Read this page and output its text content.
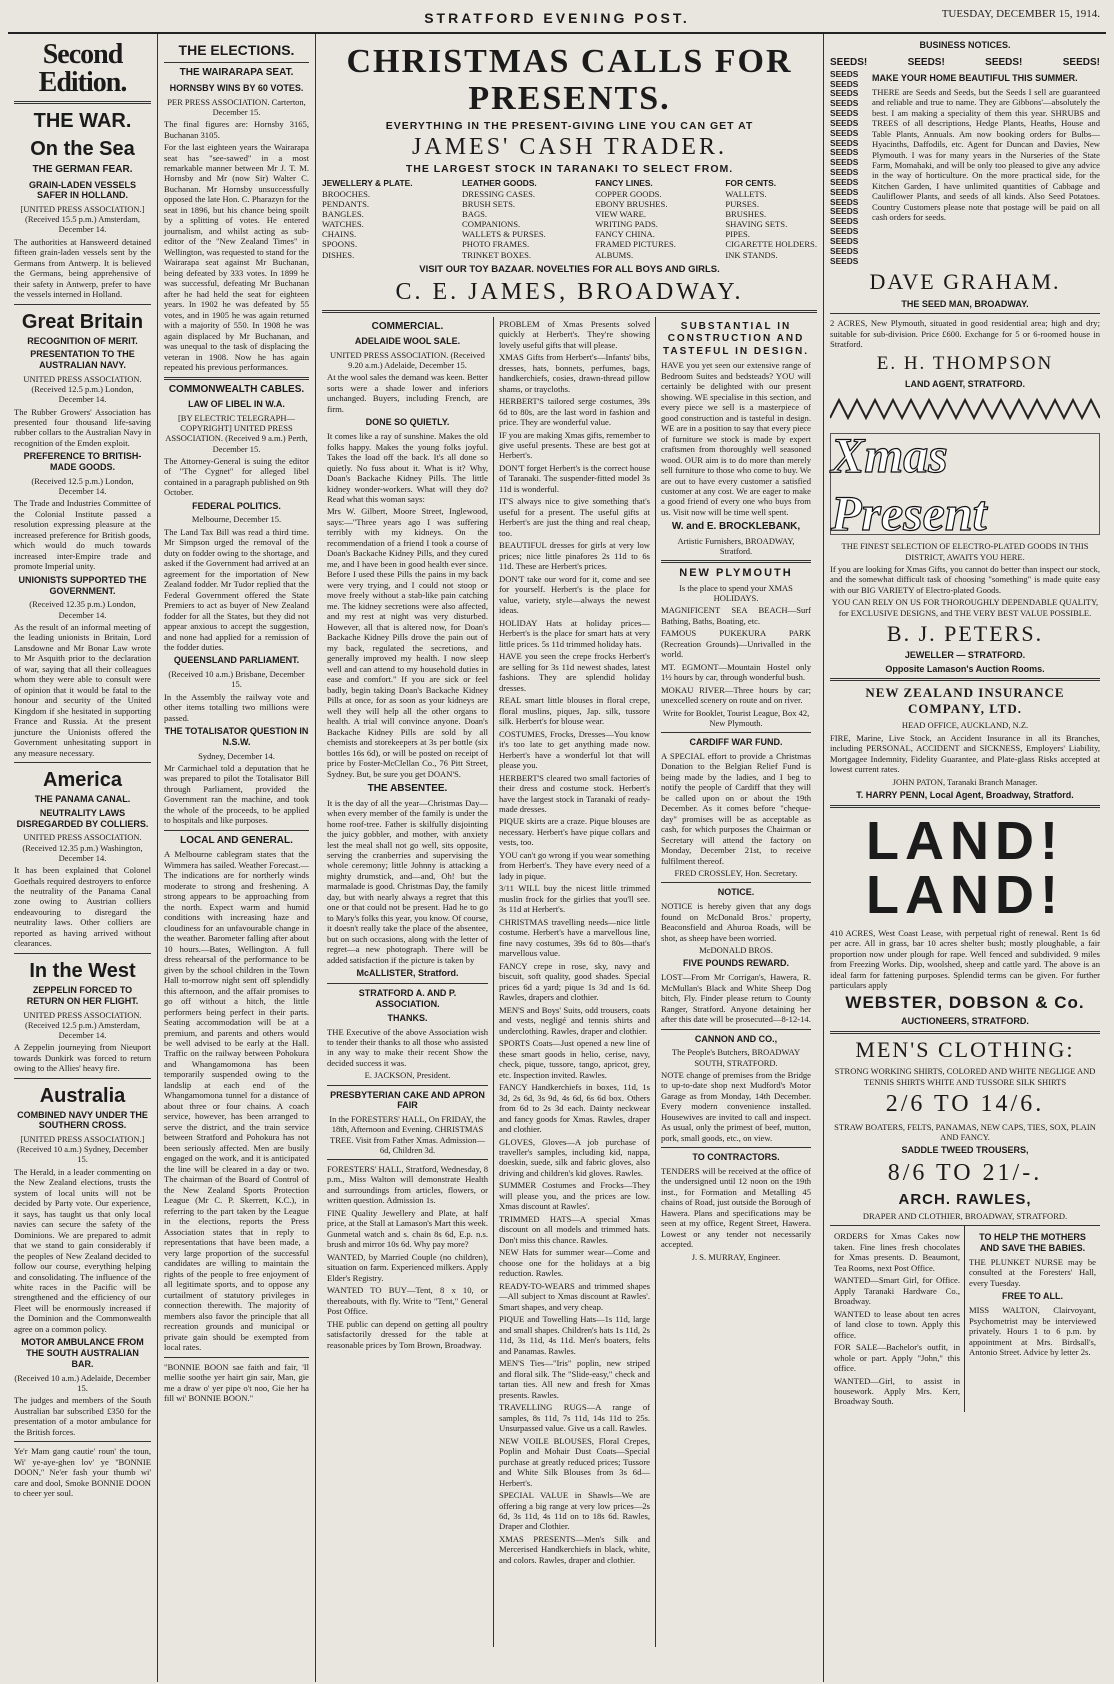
STRATFORD EVENING POST.	TUESDAY, DECEMBER 15, 1914.
Second Edition.
THE WAR.
On the Sea
THE GERMAN FEAR.
GRAIN-LADEN VESSELS SAFER IN HOLLAND.
[UNITED PRESS ASSOCIATION.] (Received 15.5 p.m.) Amsterdam, December 14.
The authorities at Hansweerd detained fifteen grain-laden vessels sent by the Germans from Antwerp. It is believed the Germans, being apprehensive of their safety in Antwerp, prefer to have the vessels interned in Holland.
Great Britain
RECOGNITION OF MERIT.
PRESENTATION TO THE AUSTRALIAN NAVY.
UNITED PRESS ASSOCIATION. (Received 12.5 p.m.) London, December 14.
The Rubber Growers' Association has presented four thousand life-saving rubber collars to the Australian Navy in recognition of the Emden exploit.
PREFERENCE TO BRITISH-MADE GOODS.
(Received 12.5 p.m.) London, December 14.
The Trade and Industries Committee of the Colonial Institute passed a resolution expressing pleasure at the increased preference for British goods, which would do much towards increased inter-Empire trade and promote Imperial unity.
UNIONISTS SUPPORTED THE GOVERNMENT.
(Received 12.35 p.m.) London, December 14.
As the result of an informal meeting of the leading unionists in Britain, Lord Lansdowne and Mr Bonar Law wrote to Mr Asquith prior to the declaration of war, saying that all their colleagues whom they were able to consult were of opinion that it would be fatal to the honour and security of the United Kingdom if she hesitated in supporting France and Russia. At the present juncture the Unionists offered the Government unhesitating support in any measure necessary.
America
THE PANAMA CANAL.
NEUTRALITY LAWS DISREGARDED BY COLLIERS.
UNITED PRESS ASSOCIATION. (Received 12.35 p.m.) Washington, December 14.
It has been explained that Colonel Goethals required destroyers to enforce the neutrality of the Panama Canal zone owing to Austrian colliers endeavouring to disregard the neutrality laws. Other colliers are reported as having arrived without clearances.
In the West
ZEPPELIN FORCED TO RETURN ON HER FLIGHT.
UNITED PRESS ASSOCIATION. (Received 12.5 p.m.) Amsterdam, December 14.
A Zeppelin journeying from Nieuport towards Dunkirk was forced to return owing to the Allies' heavy fire.
Australia
COMBINED NAVY UNDER THE SOUTHERN CROSS.
[UNITED PRESS ASSOCIATION.] (Received 10 a.m.) Sydney, December 15.
The Herald, in a leader commenting on the New Zealand elections, trusts the system of local units will not be decided by Party vote. Our experience, it says, has taught us that only local navies can secure the safety of the Dominions. We are prepared to admit that we stand to gain considerably if the peoples of New Zealand decided to follow our course, everything helping and consolidating. The influence of the white races in the Pacific will be strengthened and the efficiency of our Fleet will be enormously increased if the Dominion and the Commonwealth agree on a common policy.
MOTOR AMBULANCE FROM THE SOUTH AUSTRALIAN BAR.
(Received 10 a.m.) Adelaide, December 15.
The judges and members of the South Australian bar subscribed £350 for the presentation of a motor ambulance for the British forces.
Ye'r Mam gang cautie' roun' the toun, Wi' ye-aye-ghen lov' ye ''BONNIE DOON,'' Ne'er fash your thumb wi' care and dool, Smoke BONNIE DOON to cheer yer soul.
THE ELECTIONS.
THE WAIRARAPA SEAT.
HORNSBY WINS BY 60 VOTES.
PER PRESS ASSOCIATION. Carterton, December 15.
The final figures are: Hornsby 3165, Buchanan 3105.
For the last eighteen years the Wairarapa seat has "see-sawed" in a most remarkable manner between Mr J. T. M. Hornsby and Mr (now Sir) Walter C. Buchanan. Mr Hornsby unsuccessfully opposed the late Hon. C. Pharazyn for the seat in 1896, but his chance being spoilt by a splitting of votes. He entered journalism, and whilst acting as sub-editor of the "New Zealand Times" in Wellington, was requested to stand for the Wairarapa seat against Mr Buchanan, being defeated by 333 votes. In 1899 he was successful, defeating Mr Buchanan after he had held the seat for eighteen years. In 1902 he was defeated by 55 votes, and in 1905 he was again returned with a majority of 550. In 1908 he was again displaced by Mr Buchanan, and was unequal to the task of displacing the veteran in 1908. Now he has again repeated his previous performances.
COMMONWEALTH CABLES.
LAW OF LIBEL IN W.A.
[BY ELECTRIC TELEGRAPH—COPYRIGHT] UNITED PRESS ASSOCIATION. (Received 9 a.m.) Perth, December 15.
The Attorney-General is suing the editor of "The Cygnet" for alleged libel contained in a paragraph published on 9th October.
FEDERAL POLITICS.
Melbourne, December 15.
The Land Tax Bill was read a third time. Mr Simpson urged the removal of the duty on fodder owing to the shortage, and asked if the Government had arrived at an agreement for the importation of New Zealand fodder. Mr Tudor replied that the Federal Government offered the State Premiers to act as buyer of New Zealand fodder for all the States, but they did not appear anxious to accept the suggestion, and none had applied for a remission of the fodder duties.
QUEENSLAND PARLIAMENT.
(Received 10 a.m.) Brisbane, December 15.
In the Assembly the railway vote and other items totalling two millions were passed.
THE TOTALISATOR QUESTION IN N.S.W.
Sydney, December 14.
Mr Carmichael told a deputation that he was prepared to pilot the Totalisator Bill through Parliament, provided the Government ran the machine, and took the whole of the proceeds, to be applied to hospitals and like purposes.
LOCAL AND GENERAL.
A Melbourne cablegram states that the Wimmera has sailed. Weather Forecast.—The indications are for northerly winds moderate to strong and freshening. A strong appears to be approaching from the north. Expect warm and humid conditions with increasing haze and cloudiness for an unfavourable change in the weather. Barometer falling after about 10 hours.—Bates, Wellington. A full dress rehearsal of the performance to be given by the school children in the Town Hall to-morrow night sent off splendidly this afternoon, and the affair promises to go off without a hitch, the little performers being perfect in their parts. Seating accommodation will be at a premium, and parents and others would be well advised to be early at the Hall. Traffic on the railway between Pohokura and Whangamomona has been temporarily suspended owing to the landslip at each end of the Whangamomona tunnel for a distance of about three or four chains. A coach service, however, has been arranged to serve the district, and the train service between Stratford and Pohokura has not been seriously affected. Men are busily engaged on the work, and it is anticipated the line will be cleared in a day or two. The chairman of the Board of Control of the New Zealand Sports Protection League (Mr C. P. Skerrett, K.C.), in referring to the part taken by the League in the elections, reports the Press Association states that in reply to representations that have been made, a very large proportion of the successful candidates are willing to maintain the rights of the people to free enjoyment of all legitimate sports, and to oppose any curtailment of statutory privileges in connection therewith. The majority of members also favor the principle that all recreation grounds and municipal or private gain should be exempted from local rates.
"BONNIE BOON sae faith and fair, 'Il mellie soothe yer hairt gin sair, Man, gie me a draw o' yer pipe o't noo, Gie her ha fill wi' BONNIE BOON."
CHRISTMAS CALLS FOR PRESENTS.
EVERYTHING IN THE PRESENT-GIVING LINE YOU CAN GET AT
JAMES' CASH TRADER.
THE LARGEST STOCK IN TARANAKI TO SELECT FROM.
JEWELLERY & PLATE.
BROOCHES.
PENDANTS.
BANGLES.
WATCHES.
CHAINS.
SPOONS.
DISHES.
LEATHER GOODS.
DRESSING CASES.
BRUSH SETS.
BAGS.
COMPANIONS.
WALLETS & PURSES.
PHOTO FRAMES.
TRINKET BOXES.
FANCY LINES.
COPPER GOODS.
EBONY BRUSHES.
VIEW WARE.
WRITING PADS.
FANCY CHINA.
FRAMED PICTURES.
ALBUMS.
FOR CENTS.
WALLETS.
PURSES.
BRUSHES.
SHAVING SETS.
PIPES.
CIGARETTE HOLDERS.
INK STANDS.
VISIT OUR TOY BAZAAR. NOVELTIES FOR ALL BOYS AND GIRLS.
C. E. JAMES, BROADWAY.
COMMERCIAL.
ADELAIDE WOOL SALE.
UNITED PRESS ASSOCIATION. (Received 9.20 a.m.) Adelaide, December 15.
At the wool sales the demand was keen. Better sorts were a shade lower and inferiors unchanged. Buyers, including French, are firm.
DONE SO QUIETLY.
It comes like a ray of sunshine. Makes the old folks happy. Makes the young folks joyful. Takes the load off the back. It's all done so quietly. No fuss about it. What is it? Why, Doan's Backache Kidney Pills. The little kidney wonder-workers. What will they do? Read what this woman says:
Mrs W. Gilbert, Moore Street, Inglewood, says:—"Three years ago I was suffering terribly with my kidneys. On the recommendation of a friend I took a course of Doan's Backache Kidney Pills, and they cured me, and I have been in good health ever since. Before I used these Pills the pains in my back were very trying, and I could not stoop or move freely without a stab-like pain catching me. The kidney secretions were also affected, and my rest at night was very disturbed. However, all that is altered now, for Doan's Backache Kidney Pills drove the pain out of my back, regulated the secretions, and generally improved my health. I now sleep well and can attend to my household duties in ease and comfort." If you are sick or feel badly, begin taking Doan's Backache Kidney Pills at once, for as soon as your kidneys are well they will help all the other organs to health. A trial will convince anyone. Doan's Backache Kidney Pills are sold by all chemists and storekeepers at 3s per bottle (six bottles 16s 6d), or will be posted on receipt of price by Foster-McClellan Co., 76 Pitt Street, Sydney. But, be sure you get DOAN'S.
THE ABSENTEE.
It is the day of all the year—Christmas Day—when every member of the family is under the home roof-tree. Father is skilfully disjointing the juicy gobbler, and mother, with anxiety lest the meal shall not go well, sits opposite, serving the cranberries and supervising the whole ceremony; little Johnny is attacking a mighty drumstick, and—and, Oh! but the marmalade is good. Christmas Day, the family day, but with nearly always a regret that this one or that could not be present. Had he to go to Mary's folks this year, you know. Of course, it doesn't really take the place of the absentee, but on such occasions, along with the letter of regret—a new photograph. There will be added satisfaction if the picture is taken by
McALLISTER, Stratford.
STRATFORD A. AND P. ASSOCIATION.
THANKS.
THE Executive of the above Association wish to tender their thanks to all those who assisted in any way to make their recent Show the decided success it was.
E. JACKSON, President.
PRESBYTERIAN CAKE AND APRON FAIR
In the FORESTERS' HALL, On FRIDAY, the 18th, Afternoon and Evening. CHRISTMAS TREE. Visit from Father Xmas. Admission—6d, Children 3d.
FORESTERS' HALL, Stratford, Wednesday, 8 p.m., Miss Walton will demonstrate Health and surroundings from articles, flowers, or written question. Admission 1s.
FINE Quality Jewellery and Plate, at half price, at the Stall at Lamason's Mart this week. Gunmetal watch and s. chain 8s 6d, E.p. n.s. brush and mirror 10s 6d. Why pay more?
WANTED, by Married Couple (no children), situation on farm. Experienced milkers. Apply Elder's Registry.
WANTED TO BUY—Tent, 8 x 10, or thereabouts, with fly. Write to "Tent," General Post Office.
THE public can depend on getting all poultry satisfactorily dressed for the table at reasonable prices by Tom Brown, Broadway.
PROBLEM of Xmas Presents solved quickly at Herbert's. They're showing lovely useful gifts that will please.
XMAS Gifts from Herbert's—Infants' bibs, dresses, hats, bonnets, perfumes, bags, handkerchiefs, cosies, drawn-thread pillow shams, or traycloths.
HERBERT'S tailored serge costumes, 39s 6d to 80s, are the last word in fashion and price. They are wonderful value.
IF you are making Xmas gifts, remember to give useful presents. These are best got at Herbert's.
DON'T forget Herbert's is the correct house of Taranaki. The suspender-fitted model 3s 11d is wonderful.
IT'S always nice to give something that's useful for a present. The useful gifts at Herbert's are just the thing and real cheap, too.
BEAUTIFUL dresses for girls at very low prices; nice little pinafores 2s 11d to 6s 11d. These are Herbert's prices.
DON'T take our word for it, come and see for yourself. Herbert's is the place for value, variety, style—always the newest ideas.
HOLIDAY Hats at holiday prices—Herbert's is the place for smart hats at very little prices. 5s 11d trimmed holiday hats.
HAVE you seen the crepe frocks Herbert's are selling for 3s 11d newest shades, latest fashions. They are splendid holiday dresses.
REAL smart little blouses in floral crepe, floral muslins, piques, Jap. silk, tussore silk. Herbert's for blouse wear.
COSTUMES, Frocks, Dresses—You know it's too late to get anything made now. Herbert's have a wonderful lot that will please you.
HERBERT'S cleared two small factories of their dress and costume stock. Herbert's have the largest stock in Taranaki of ready-made dresses.
PIQUE skirts are a craze. Pique blouses are necessary. Herbert's have pique collars and vests, too.
YOU can't go wrong if you wear something from Herbert's. They have every need of a lady in pique.
3/11 WILL buy the nicest little trimmed muslin frock for the girlies that you'll see. 3s 11d at Herbert's.
CHRISTMAS travelling needs—nice little costume. Herbert's have a marvellous line, fine navy costumes, 39s 6d to 80s—that's marvellous value.
FANCY crepe in rose, sky, navy and biscuit, soft quality, good shades. Special prices 6d a yard; pique 1s 3d and 1s 6d. Rawles, drapers and clothier.
MEN'S and Boys' Suits, odd trousers, coats and vests, negligé and tennis shirts and underclothing. Rawles, draper and clothier.
SPORTS Coats—Just opened a new line of these smart goods in helio, cerise, navy, check, pique, tussore, tango, apricot, grey, etc. Inspection invited. Rawles.
FANCY Handkerchiefs in boxes, 11d, 1s 3d, 2s 6d, 3s 9d, 4s 6d, 6s 6d box. Others from 6d to 2s 3d each. Dainty neckwear and fancy goods for Xmas. Rawles, draper and clothier.
GLOVES, Gloves—A job purchase of traveller's samples, including kid, nappa, doeskin, suede, silk and fabric gloves, also driving and children's kid gloves. Rawles.
SUMMER Costumes and Frocks—They will please you, and the prices are low. Xmas discount at Rawles'.
TRIMMED HATS—A special Xmas discount on all models and trimmed hats. Don't miss this chance. Rawles.
NEW Hats for summer wear—Come and choose one for the holidays at a big reduction. Rawles.
READY-TO-WEARS and trimmed shapes—All subject to Xmas discount at Rawles'. Smart shapes, and very cheap.
PIQUE and Towelling Hats—1s 11d, large and small shapes. Children's hats 1s 11d, 2s 11d, 3s 11d, 4s 11d. Men's boaters, felts and Panamas. Rawles.
MEN'S Ties—"Iris" poplin, new striped and floral silk. The "Slide-easy," check and tartan ties. All new and fresh for Xmas presents. Rawles.
TRAVELLING RUGS—A range of samples, 8s 11d, 7s 11d, 14s 11d to 25s. Unsurpassed value. Give us a call. Rawles.
NEW VOILE BLOUSES, Floral Crepes, Poplin and Mohair Dust Coats—Special purchase at greatly reduced prices; Tussore and White Silk Blouses from 3s 6d—Herbert's.
SPECIAL VALUE in Shawls—We are offering a big range at very low prices—2s 6d, 3s 11d, 4s 11d on to 18s 6d. Rawles, Draper and Clothier.
XMAS PRESENTS—Men's Silk and Mercerised Handkerchiefs in black, white, and colors. Rawles, draper and clothier.
SUBSTANTIAL IN CONSTRUCTION AND TASTEFUL IN DESIGN.
HAVE you yet seen our extensive range of Bedroom Suites and bedsteads? YOU will certainly be delighted with our present showing. WE specialise in this section, and every piece we sell is a masterpiece of good construction and is tasteful in design. WE are in a position to say that every piece of furniture we stock is made by expert craftsmen from thoroughly well seasoned wood. OUR aim is to do more than merely sell furniture to those who come to buy. We are out to have every customer a satisfied customer at any cost. We are eager to make a good friend of every one who buys from us. Visit now will be time well spent.
W. and E. BROCKLEBANK,
Artistic Furnishers, BROADWAY, Stratford.
NEW PLYMOUTH
Is the place to spend your XMAS HOLIDAYS.
MAGNIFICENT SEA BEACH—Surf Bathing, Baths, Boating, etc.
FAMOUS PUKEKURA PARK (Recreation Grounds)—Unrivalled in the world.
MT. EGMONT—Mountain Hostel only 1½ hours by car, through wonderful bush.
MOKAU RIVER—Three hours by car; unexcelled scenery on route and on river.
Write for Booklet, Tourist League, Box 42, New Plymouth.
CARDIFF WAR FUND.
A SPECIAL effort to provide a Christmas Donation to the Belgian Relief Fund is being made by the ladies, and I beg to notify the people of Cardiff that they will be called upon on or about the 19th December. As it comes before "cheque-day" promises will be as acceptable as cash, for which purposes the Chairman or Secretary will attend the factory on Monday, December 21st, to receive fulfilment thereof.
FRED CROSSLEY, Hon. Secretary.
NOTICE.
NOTICE is hereby given that any dogs found on McDonald Bros.' property, Beaconsfield and Ahuroa Roads, will be shot, as sheep have been worried.
McDONALD BROS.
FIVE POUNDS REWARD.
LOST—From Mr Corrigan's, Hawera, R. McMullan's Black and White Sheep Dog bitch, Fly. Finder please return to County Ranger, Stratford. Anyone detaining her after this date will be prosecuted—8-12-14.
CANNON AND CO.,
The People's Butchers, BROADWAY SOUTH, STRATFORD.
NOTE change of premises from the Bridge to up-to-date shop next Mudford's Motor Garage as from Monday, 14th December. Every modern convenience installed. Housewives are invited to call and inspect. As usual, only the primest of beef, mutton, pork, small goods, etc., on view.
TO CONTRACTORS.
TENDERS will be received at the office of the undersigned until 12 noon on the 19th inst., for Formation and Metalling 45 chains of Road, just outside the Borough of Hawera. Plans and specifications may be seen at my office, Regent Street, Hawera. Lowest or any tender not necessarily accepted.
J. S. MURRAY, Engineer.
BUSINESS NOTICES.
SEEDS!	SEEDS!	SEEDS!	SEEDS!
SEEDS
SEEDS
SEEDS
SEEDS
SEEDS
SEEDS
SEEDS
SEEDS
SEEDS
SEEDS
SEEDS
SEEDS
SEEDS
SEEDS
SEEDS
SEEDS
SEEDS
SEEDS
SEEDS
SEEDS
MAKE YOUR HOME BEAUTIFUL THIS SUMMER.
THERE are Seeds and Seeds, but the Seeds I sell are guaranteed and reliable and true to name. They are Gibbons'—absolutely the best. I am making a speciality of them this year. SHRUBS and TREES of all descriptions, Hedge Plants, Heaths, House and Table Plants, Annuals. Am now booking orders for Bulbs—Hyacinths, Daffodils, etc. Agent for Duncan and Davies, New Plymouth. I was for many years in the Nurseries of the State Farm, Momahaki, and will be only too pleased to give any advice in the way of horticulture. On the more practical side, for the Kitchen Garden, I have unlimited quantities of Cabbage and Cauliflower Plants, and seeds of all kinds. Also Seed Potatoes. Country Customers please note that postage will be paid on all cash orders for seeds.
DAVE GRAHAM.
THE SEED MAN, BROADWAY.
2 ACRES, New Plymouth, situated in good residential area; high and dry; suitable for sub-division. Price £600. Exchange for 5 or 6-roomed house in Stratford.
E. H. THOMPSON
LAND AGENT, STRATFORD.
Xmas Present
THE FINEST SELECTION OF ELECTRO-PLATED GOODS IN THIS DISTRICT, AWAITS YOU HERE.
If you are looking for Xmas Gifts, you cannot do better than inspect our stock, and the somewhat difficult task of choosing "something" is made quite easy with our BIG VARIETY of Electro-plated Goods.
YOU CAN RELY ON US FOR THOROUGHLY DEPENDABLE QUALITY, for EXCLUSIVE DESIGNS, and THE VERY BEST VALUE POSSIBLE.
B. J. PETERS.
JEWELLER — STRATFORD.
Opposite Lamason's Auction Rooms.
NEW ZEALAND INSURANCE COMPANY, LTD.
HEAD OFFICE, AUCKLAND, N.Z.
FIRE, Marine, Live Stock, an Accident Insurance in all its Branches, including PERSONAL, ACCIDENT and SICKNESS, Employers' Liability, Mortgagee Indemnity, Fidelity Guarantee, and Plate-glass Risks accepted at lowest current rates.
JOHN PATON, Taranaki Branch Manager.
T. HARRY PENN, Local Agent, Broadway, Stratford.
LAND! LAND!
410 ACRES, West Coast Lease, with perpetual right of renewal. Rent 1s 6d per acre. All in grass, bar 10 acres shelter bush; mostly ploughable, a fair proportion now under plough for rape. Well fenced and subdivided. 9 miles from Freezing Works. Dip, woolshed, sheep and cattle yard. The above is an ideal farm for fattening purposes. Splendid terms can be given. For further particulars apply
WEBSTER, DOBSON & Co.
AUCTIONEERS, STRATFORD.
MEN'S CLOTHING:
STRONG WORKING SHIRTS, COLORED AND WHITE NEGLIGE AND TENNIS SHIRTS WHITE AND TUSSORE SILK SHIRTS
2/6 TO 14/6.
STRAW BOATERS, FELTS, PANAMAS, NEW CAPS, TIES, SOX, PLAIN AND FANCY.
SADDLE TWEED TROUSERS,
8/6 TO 21/-.
ARCH. RAWLES,
DRAPER AND CLOTHIER, BROADWAY, STRATFORD.
ORDERS for Xmas Cakes now taken. Fine lines fresh chocolates for Xmas presents. D. Beaumont, Tea Rooms, next Post Office.
WANTED—Smart Girl, for Office. Apply Taranaki Hardware Co., Broadway.
WANTED to lease about ten acres of land close to town. Apply this office.
FOR SALE—Bachelor's outfit, in whole or part. Apply "John," this office.
WANTED—Girl, to assist in housework. Apply Mrs. Kerr, Broadway South.
TO HELP THE MOTHERS AND SAVE THE BABIES.
THE PLUNKET NURSE may be consulted at the Foresters' Hall, every Tuesday.
FREE TO ALL.
MISS WALTON, Clairvoyant, Psychometrist may be interviewed privately. Hours 1 to 6 p.m. by appointment at Mrs. Birdsall's, Antonio Street. Advice by letter 2s.
